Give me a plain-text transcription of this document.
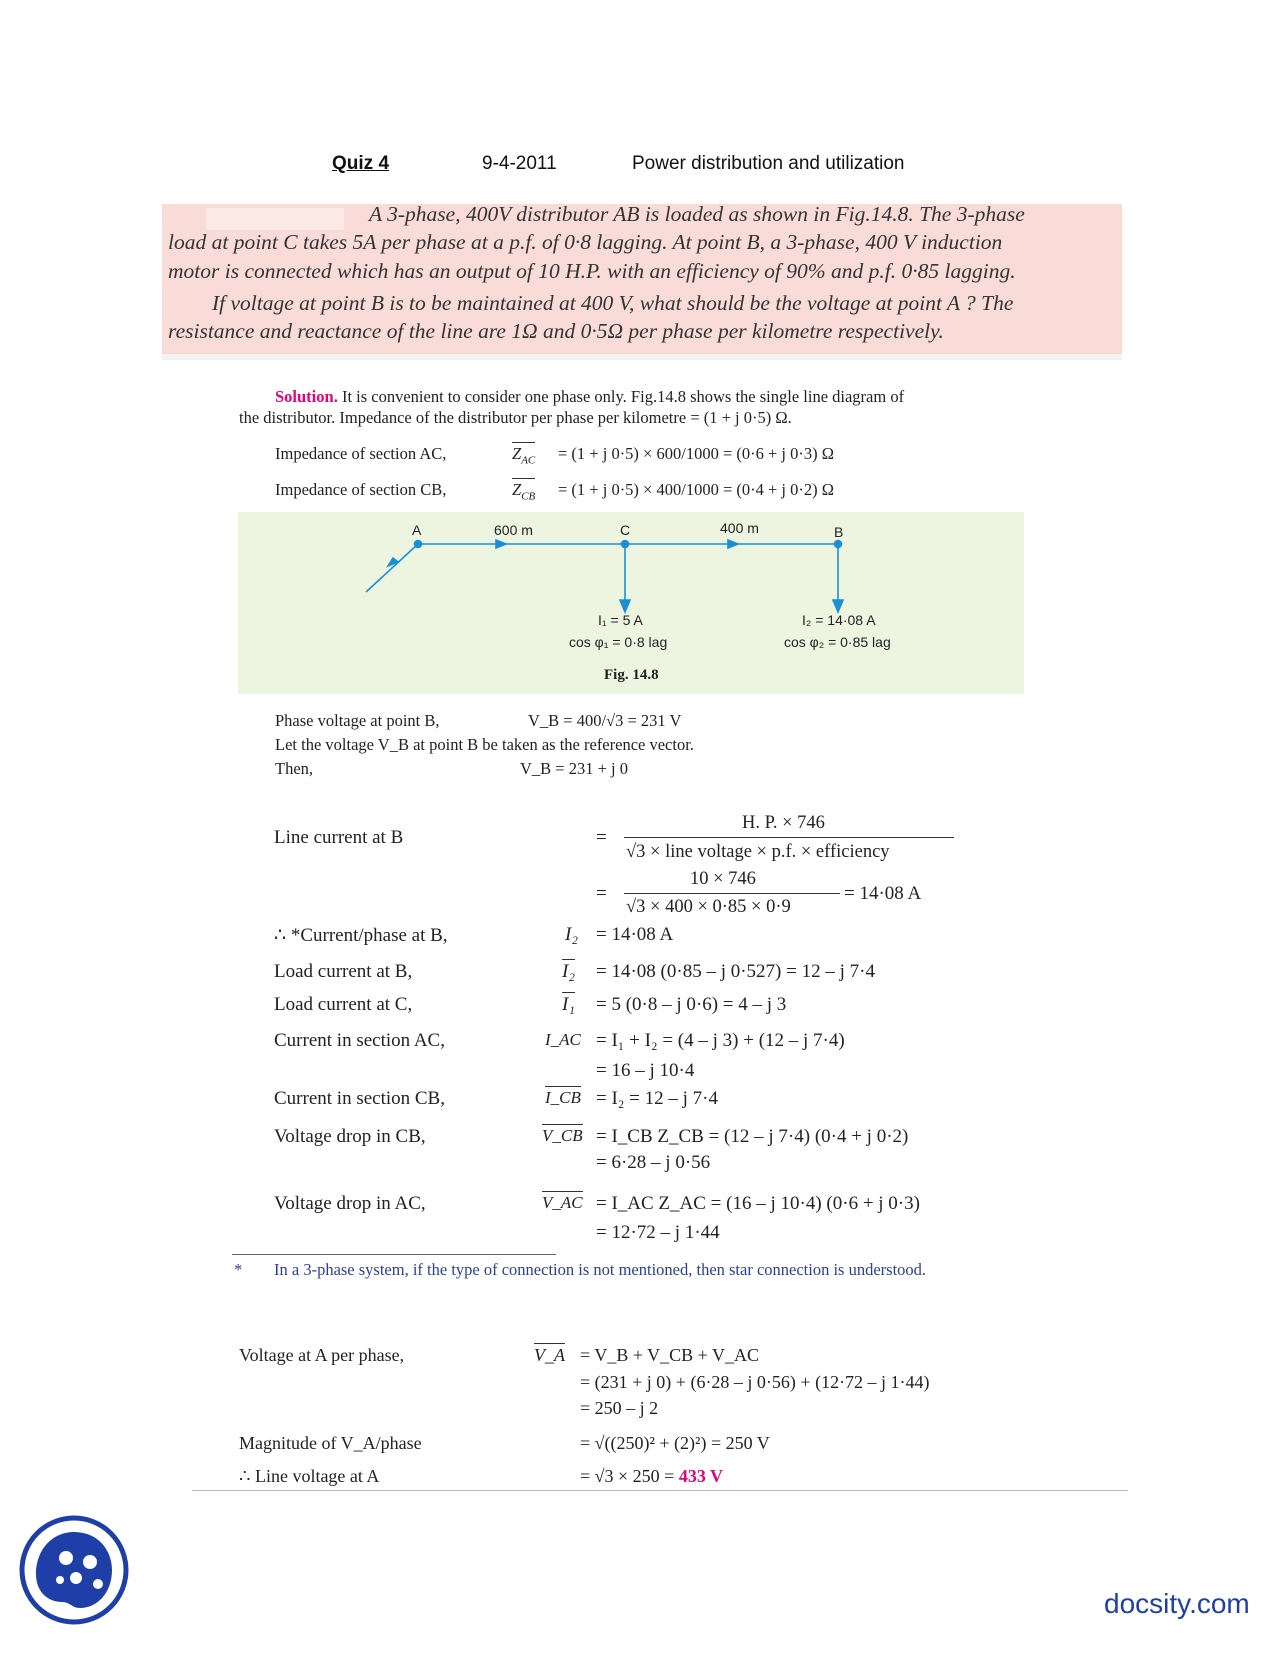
Quiz 4	9-4-2011	Power distribution and utilization
A 3-phase, 400V distributor AB is loaded as shown in Fig.14.8. The 3-phase
load at point C takes 5A per phase at a p.f. of 0·8 lagging. At point B, a 3-phase, 400 V induction
motor is connected which has an output of 10 H.P. with an efficiency of 90% and p.f. 0·85 lagging.
If voltage at point B is to be maintained at 400 V, what should be the voltage at point A ? The
resistance and reactance of the line are 1Ω and 0·5Ω per phase per kilometre respectively.
Solution. It is convenient to consider one phase only. Fig.14.8 shows the single line diagram of
the distributor. Impedance of the distributor per phase per kilometre = (1 + j 0·5) Ω.
Impedance of section AC,	$Z_{AC} = (1 + j$ 0·5) × 600/1000 = (0·6 + j 0·3) Ω
Impedance of section CB,	$Z_{CB} = (1 + j$ 0·5) × 400/1000 = (0·4 + j 0·2) Ω
A	600 m	C	400 m	B
I₁ = 5 A
cos φ₁ = 0·8 lag
I₂ = 14·08 A
cos φ₂ = 0·85 lag
Fig. 14.8
Phase voltage at point B,	V_B = 400/√3 = 231 V
Let the voltage V_B at point B be taken as the reference vector.
Then,	V_B = 231 + j 0
Line current at B	=
H. P. × 746
√3 × line voltage × p.f. × efficiency
=
10 × 746
√3 × 400 × 0·85 × 0·9
= 14·08 A
∴ *Current/phase at B,	I₂ = 14·08 A
Load current at B,	I₂ = 14·08 (0·85 – j 0·527) = 12 – j 7·4
Load current at C,	I₁ = 5 (0·8 – j 0·6) = 4 – j 3
Current in section AC,	I_AC = I₁ + I₂ = (4 – j 3) + (12 – j 7·4)
= 16 – j 10·4
Current in section CB,	I_CB = I₂ = 12 – j 7·4
Voltage drop in CB,	V_CB = I_CB Z_CB = (12 – j 7·4) (0·4 + j 0·2)
= 6·28 – j 0·56
Voltage drop in AC,	V_AC = I_AC Z_AC = (16 – j 10·4) (0·6 + j 0·3)
= 12·72 – j 1·44
* In a 3-phase system, if the type of connection is not mentioned, then star connection is understood.
Voltage at A per phase,	V_A = V_B + V_CB + V_AC
= (231 + j 0) + (6·28 – j 0·56) + (12·72 – j 1·44)
= 250 – j 2
Magnitude of V_A/phase	= √((250)² + (2)²) = 250 V
∴ Line voltage at A	= √3 × 250 = 433 V
docsity.com
